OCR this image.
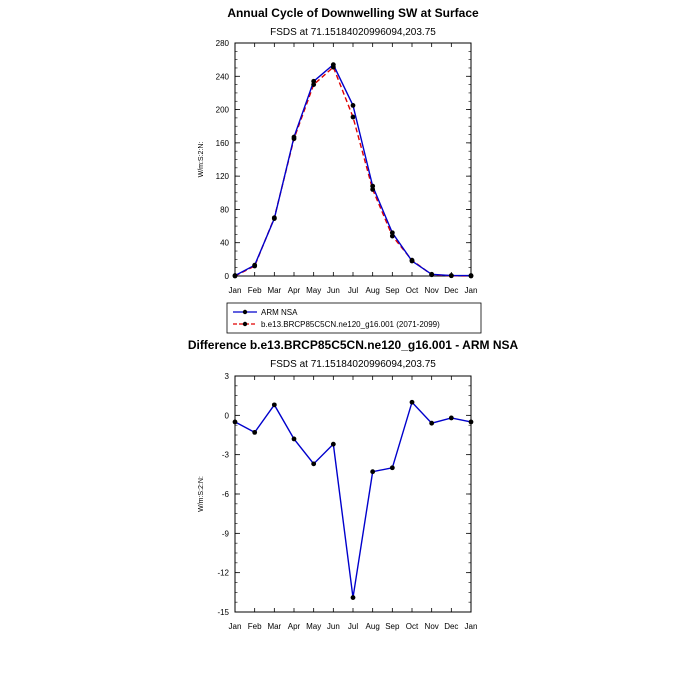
Annual Cycle of Downwelling SW at Surface
FSDS at 71.15184020996094,203.75
W/m:S:2:N:
Jan Feb Mar Apr May Jun Jul Aug Sep Oct Nov Dec Jan
0
40
80
120
160
200
240
280
ARM NSA
b.e13.BRCP85C5CN.ne120_g16.001 (2071-2099)
Difference b.e13.BRCP85C5CN.ne120_g16.001 - ARM NSA
FSDS at 71.15184020996094,203.75
W/m:S:2:N:
Jan Feb Mar Apr May Jun Jul Aug Sep Oct Nov Dec Jan
-15
-12
-9
-6
-3
0
3
